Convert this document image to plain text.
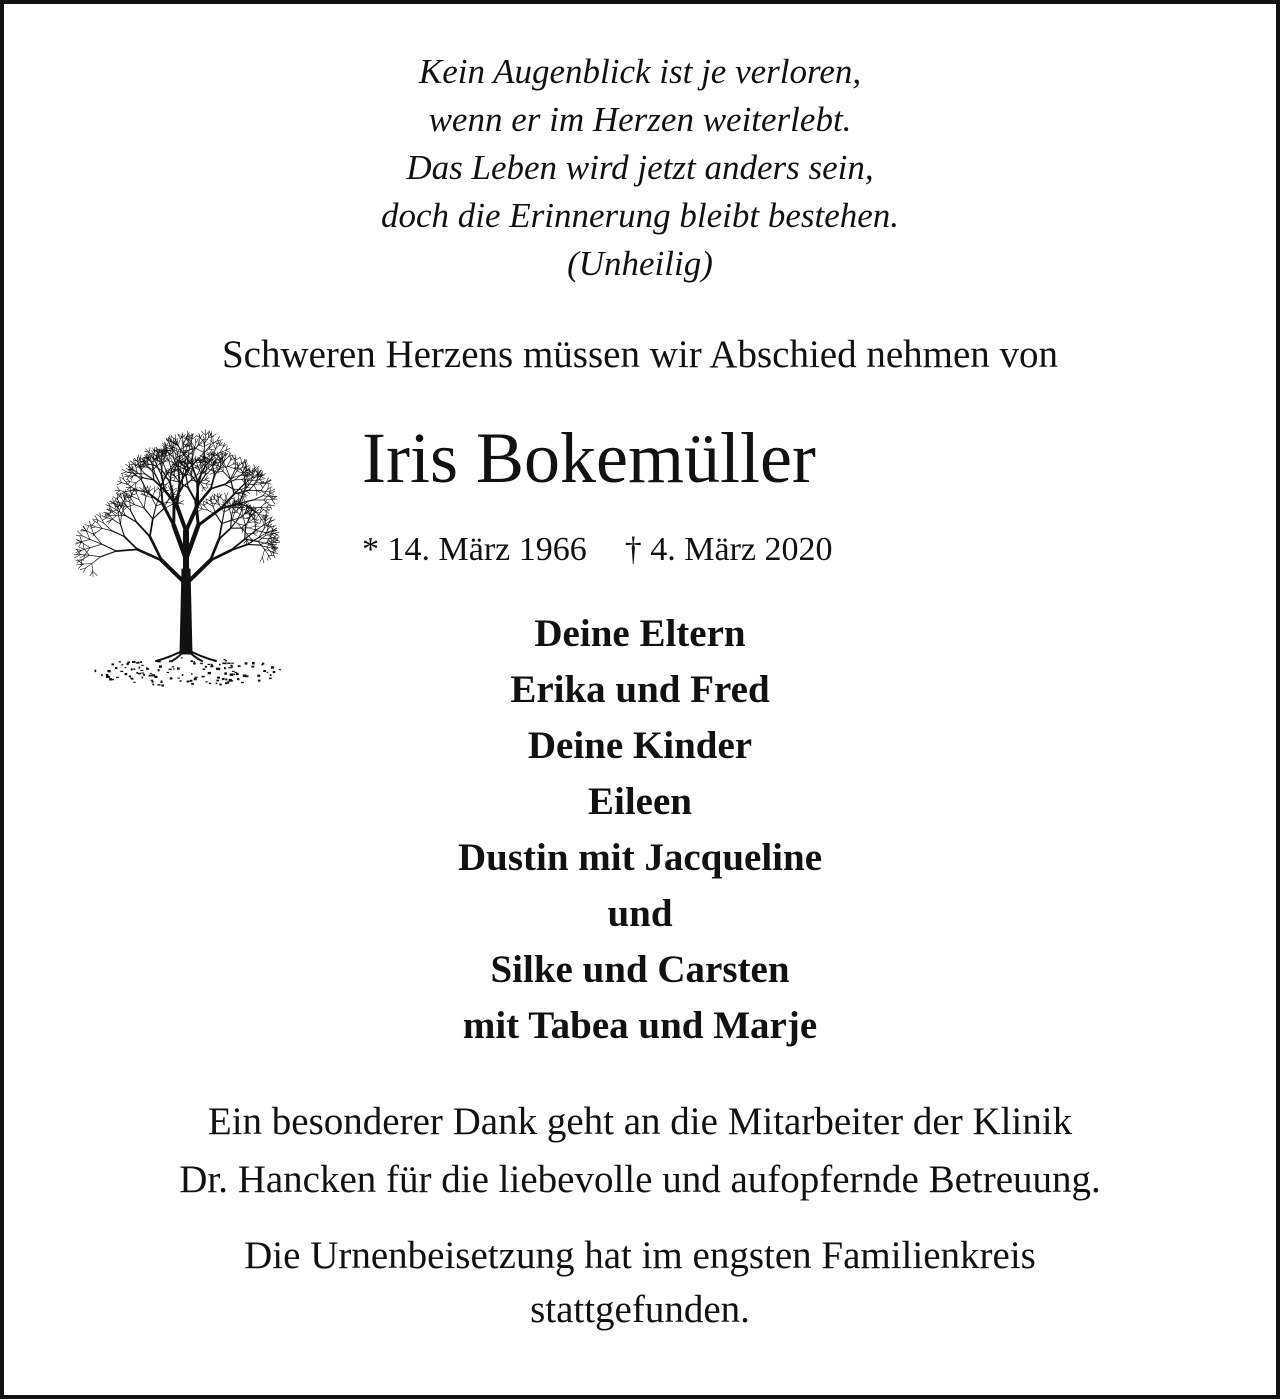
Kein Augenblick ist je verloren,
wenn er im Herzen weiterlebt.
Das Leben wird jetzt anders sein,
doch die Erinnerung bleibt bestehen.
(Unheilig)
Schweren Herzens müssen wir Abschied nehmen von
Iris Bokemüller
* 14. März 1966 † 4. März 2020
Deine Eltern
Erika und Fred
Deine Kinder
Eileen
Dustin mit Jacqueline
und
Silke und Carsten
mit Tabea und Marje
Ein besonderer Dank geht an die Mitarbeiter der Klinik
Dr. Hancken für die liebevolle und aufopfernde Betreuung.
Die Urnenbeisetzung hat im engsten Familienkreis
stattgefunden.
